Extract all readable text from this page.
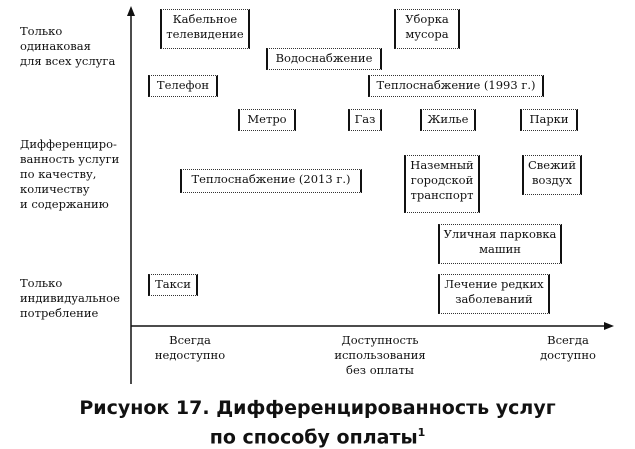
Только
одинаковая
для всех услуга
Дифференциро-
ванность услуги
по качеству,
количеству
и содержанию
Только
индивидуальное
потребление
Всегда
недоступно
Доступность
использования
без оплаты
Всегда
доступно
Кабельное
телевидение
Уборка
мусора
Водоснабжение
Телефон	Теплоснабжение (1993 г.)
Метро	Газ	Жилье	Парки
Теплоснабжение (2013 г.)
Наземный
городской
транспорт
Свежий
воздух
Уличная парковка
машин
Такси	Лечение редких
заболеваний
Рисунок 17. Дифференцированность услуг
по способу оплаты$^1$
